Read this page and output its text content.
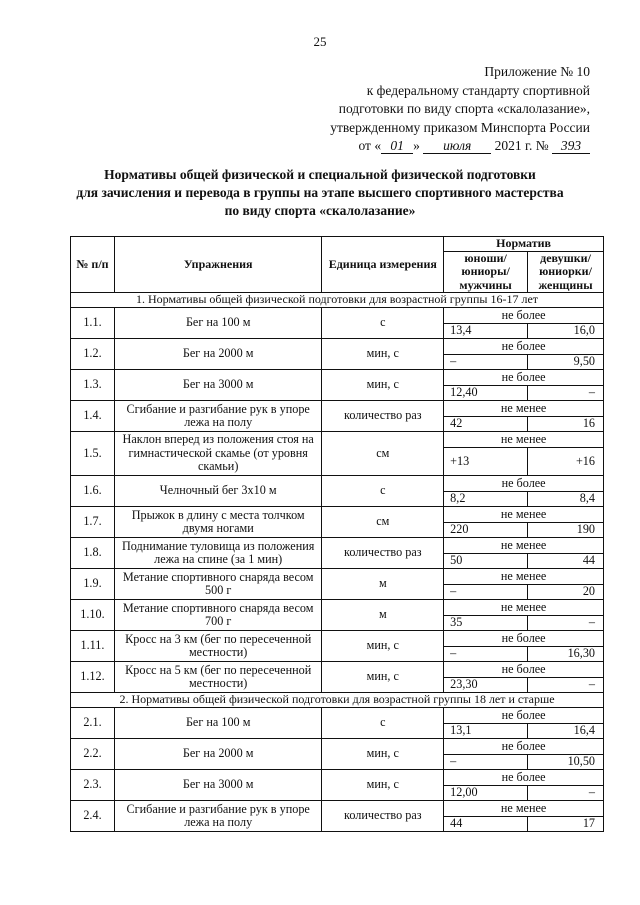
25
Приложение № 10
к федеральному стандарту спортивной
подготовки по виду спорта «скалолазание»,
утвержденному приказом Минспорта России
от « 01 » июля 2021 г. № 393
Нормативы общей физической и специальной физической подготовки
для зачисления и перевода в группы на этапе высшего спортивного мастерства
по виду спорта «скалолазание»
№ п/п	Упражнения	Единица измерения	Норматив	
			юноши/ юниоры/ мужчины	девушки/ юниорки/ женщины
1. Нормативы общей физической подготовки для возрастной группы 16-17 лет				
1.1.	Бег на 100 м	с	не более	
			13,4	16,0
1.2.	Бег на 2000 м	мин, с	не более	
			–	9,50
1.3.	Бег на 3000 м	мин, с	не более	
			12,40	–
1.4.	Сгибание и разгибание рук в упоре лежа на полу	количество раз	не менее	
			42	16
1.5.	Наклон вперед из положения стоя на гимнастической скамье (от уровня скамьи)	см	не менее	
			+13	+16
1.6.	Челночный бег 3х10 м	с	не более	
			8,2	8,4
1.7.	Прыжок в длину с места толчком двумя ногами	см	не менее	
			220	190
1.8.	Поднимание туловища из положения лежа на спине (за 1 мин)	количество раз	не менее	
			50	44
1.9.	Метание спортивного снаряда весом 500 г	м	не менее	
			–	20
1.10.	Метание спортивного снаряда весом 700 г	м	не менее	
			35	–
1.11.	Кросс на 3 км (бег по пересеченной местности)	мин, с	не более	
			–	16,30
1.12.	Кросс на 5 км (бег по пересеченной местности)	мин, с	не более	
			23,30	–
2. Нормативы общей физической подготовки для возрастной группы 18 лет и старше				
2.1.	Бег на 100 м	с	не более	
			13,1	16,4
2.2.	Бег на 2000 м	мин, с	не более	
			–	10,50
2.3.	Бег на 3000 м	мин, с	не более	
			12,00	–
2.4.	Сгибание и разгибание рук в упоре лежа на полу	количество раз	не менее	
			44	17
